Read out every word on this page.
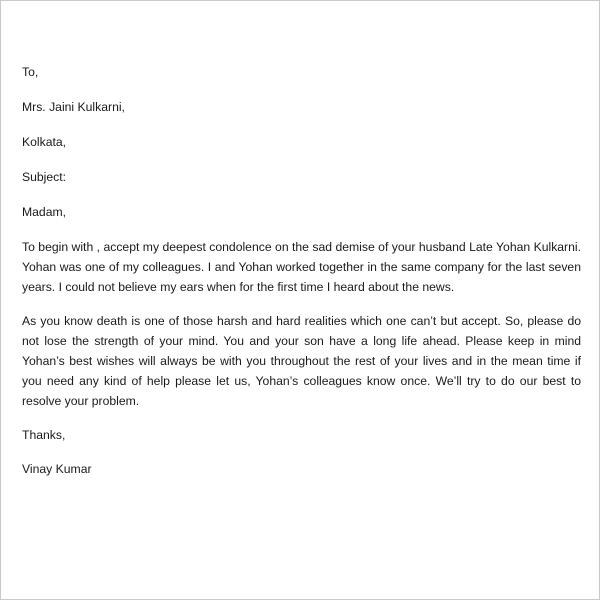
To,

Mrs. Jaini Kulkarni,

Kolkata,

Subject:

Madam,

To begin with , accept my deepest condolence on the sad demise of your husband Late Yohan Kulkarni. Yohan was one of my colleagues. I and Yohan worked together in the same company for the last seven years. I could not believe my ears when for the first time I heard about the news.

As you know death is one of those harsh and hard realities which one can’t but accept. So, please do not lose the strength of your mind. You and your son have a long life ahead. Please keep in mind Yohan’s best wishes will always be with you throughout the rest of your lives and in the mean time if you need any kind of help please let us, Yohan’s colleagues know once. We’ll try to do our best to resolve your problem.

Thanks,

Vinay Kumar
